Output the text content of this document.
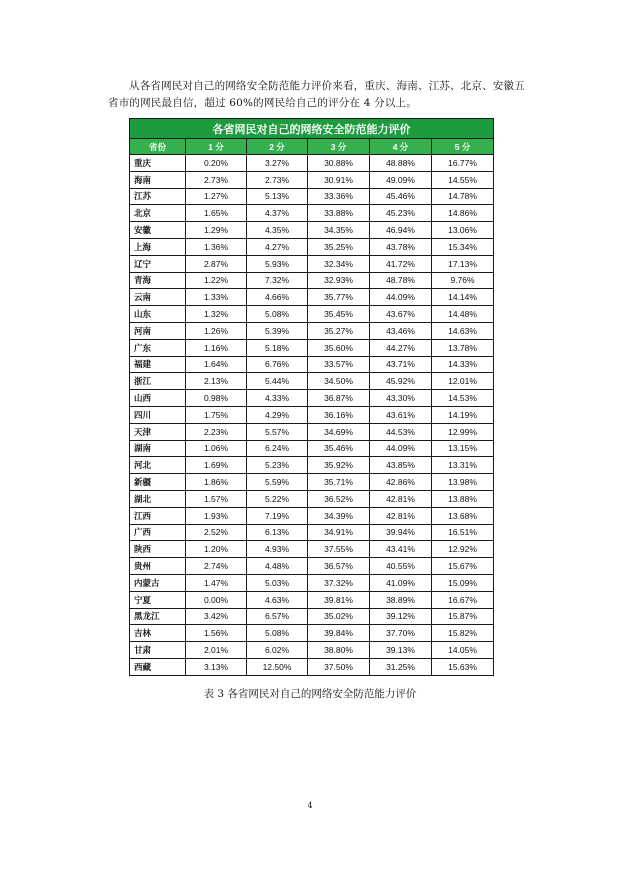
从各省网民对自己的网络安全防范能力评价来看，重庆、海南、江苏、北京、安徽五省市的网民最自信，超过 60%的网民给自己的评分在 4 分以上。

各省网民对自己的网络安全防范能力评价					
省份	1 分	2 分	3 分	4 分	5 分
重庆	0.20%	3.27%	30.88%	48.88%	16.77%
海南	2.73%	2.73%	30.91%	49.09%	14.55%
江苏	1.27%	5.13%	33.36%	45.46%	14.78%
北京	1.65%	4.37%	33.88%	45.23%	14.86%
安徽	1.29%	4.35%	34.35%	46.94%	13.06%
上海	1.36%	4.27%	35.25%	43.78%	15.34%
辽宁	2.87%	5.93%	32.34%	41.72%	17.13%
青海	1.22%	7.32%	32.93%	48.78%	9.76%
云南	1.33%	4.66%	35.77%	44.09%	14.14%
山东	1.32%	5.08%	35.45%	43.67%	14.48%
河南	1.26%	5.39%	35.27%	43.46%	14.63%
广东	1.16%	5.18%	35.60%	44.27%	13.78%
福建	1.64%	6.76%	33.57%	43.71%	14.33%
浙江	2.13%	5.44%	34.50%	45.92%	12.01%
山西	0.98%	4.33%	36.87%	43.30%	14.53%
四川	1.75%	4.29%	36.16%	43.61%	14.19%
天津	2.23%	5.57%	34.69%	44.53%	12.99%
湖南	1.06%	6.24%	35.46%	44.09%	13.15%
河北	1.69%	5.23%	35.92%	43.85%	13.31%
新疆	1.86%	5.59%	35.71%	42.86%	13.98%
湖北	1.57%	5.22%	36.52%	42.81%	13.88%
江西	1.93%	7.19%	34.39%	42.81%	13.68%
广西	2.52%	6.13%	34.91%	39.94%	16.51%
陕西	1.20%	4.93%	37.55%	43.41%	12.92%
贵州	2.74%	4.48%	36.57%	40.55%	15.67%
内蒙古	1.47%	5.03%	37.32%	41.09%	15.09%
宁夏	0.00%	4.63%	39.81%	38.89%	16.67%
黑龙江	3.42%	6.57%	35.02%	39.12%	15.87%
吉林	1.56%	5.08%	39.84%	37.70%	15.82%
甘肃	2.01%	6.02%	38.80%	39.13%	14.05%
西藏	3.13%	12.50%	37.50%	31.25%	15.63%

表 3 各省网民对自己的网络安全防范能力评价

4
